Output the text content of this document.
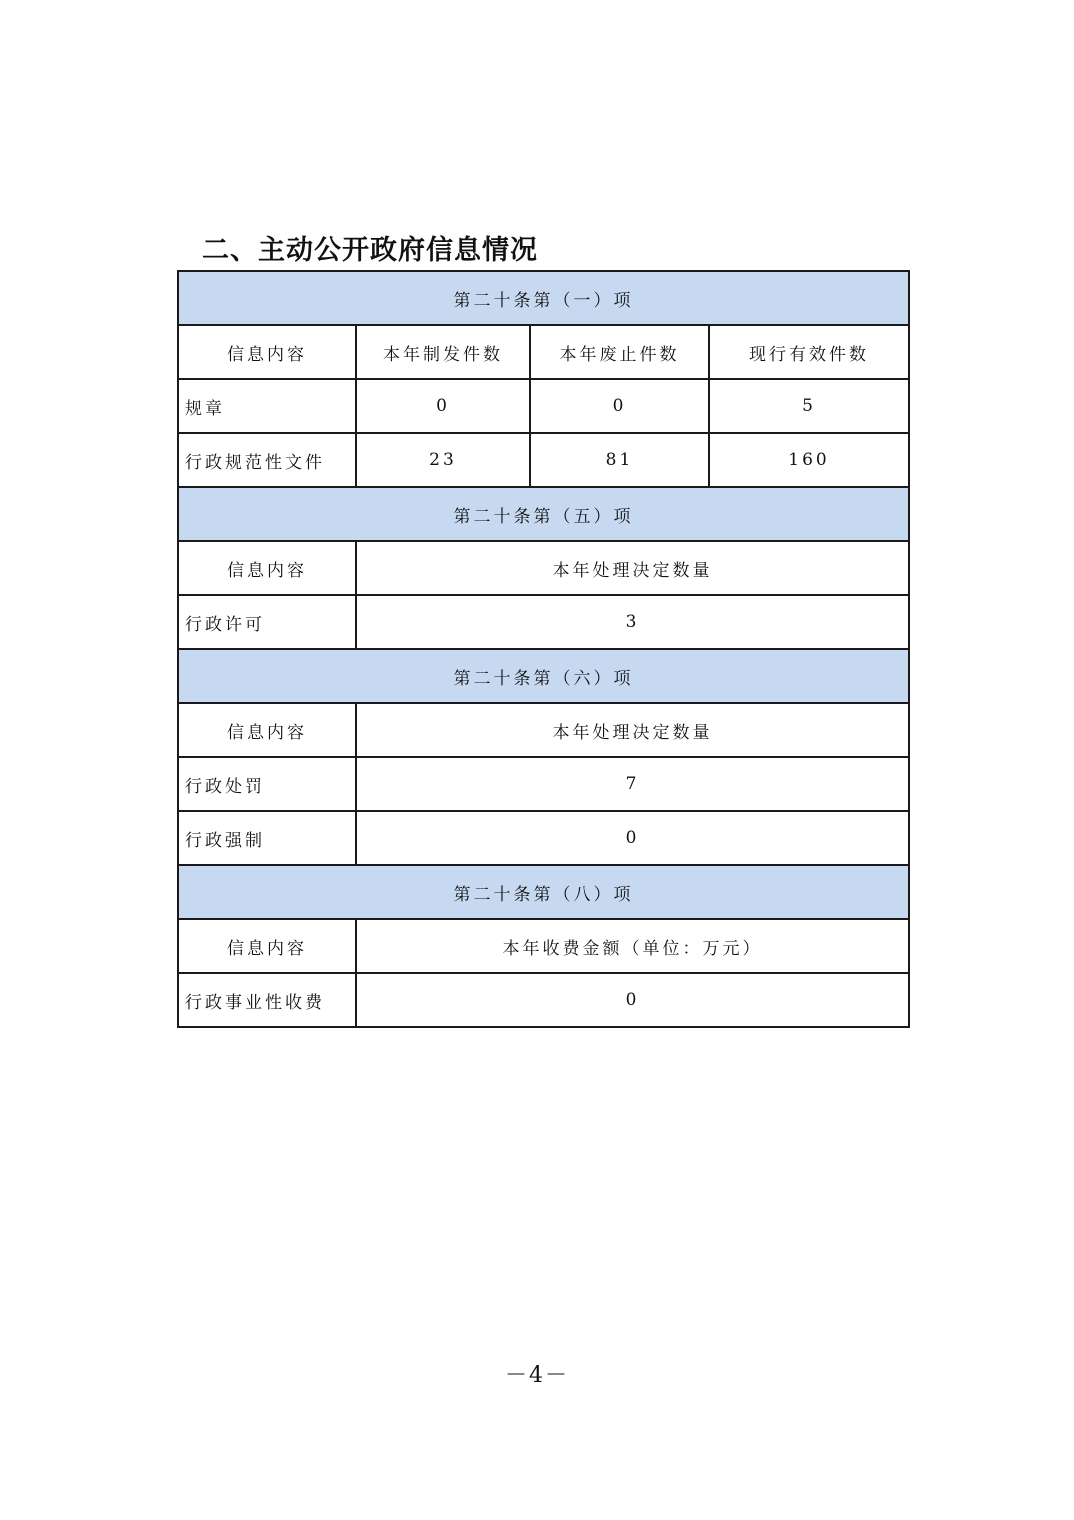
二、主动公开政府信息情况
第二十条第（一）项			
信息内容	本年制发件数	本年废止件数	现行有效件数
规章	0	0	5
行政规范性文件	23	81	160
第二十条第（五）项			
信息内容	本年处理决定数量		
行政许可	3		
第二十条第（六）项			
信息内容	本年处理决定数量		
行政处罚	7		
行政强制	0		
第二十条第（八）项			
信息内容	本年收费金额（单位：万元）		
行政事业性收费	0		
－4－
